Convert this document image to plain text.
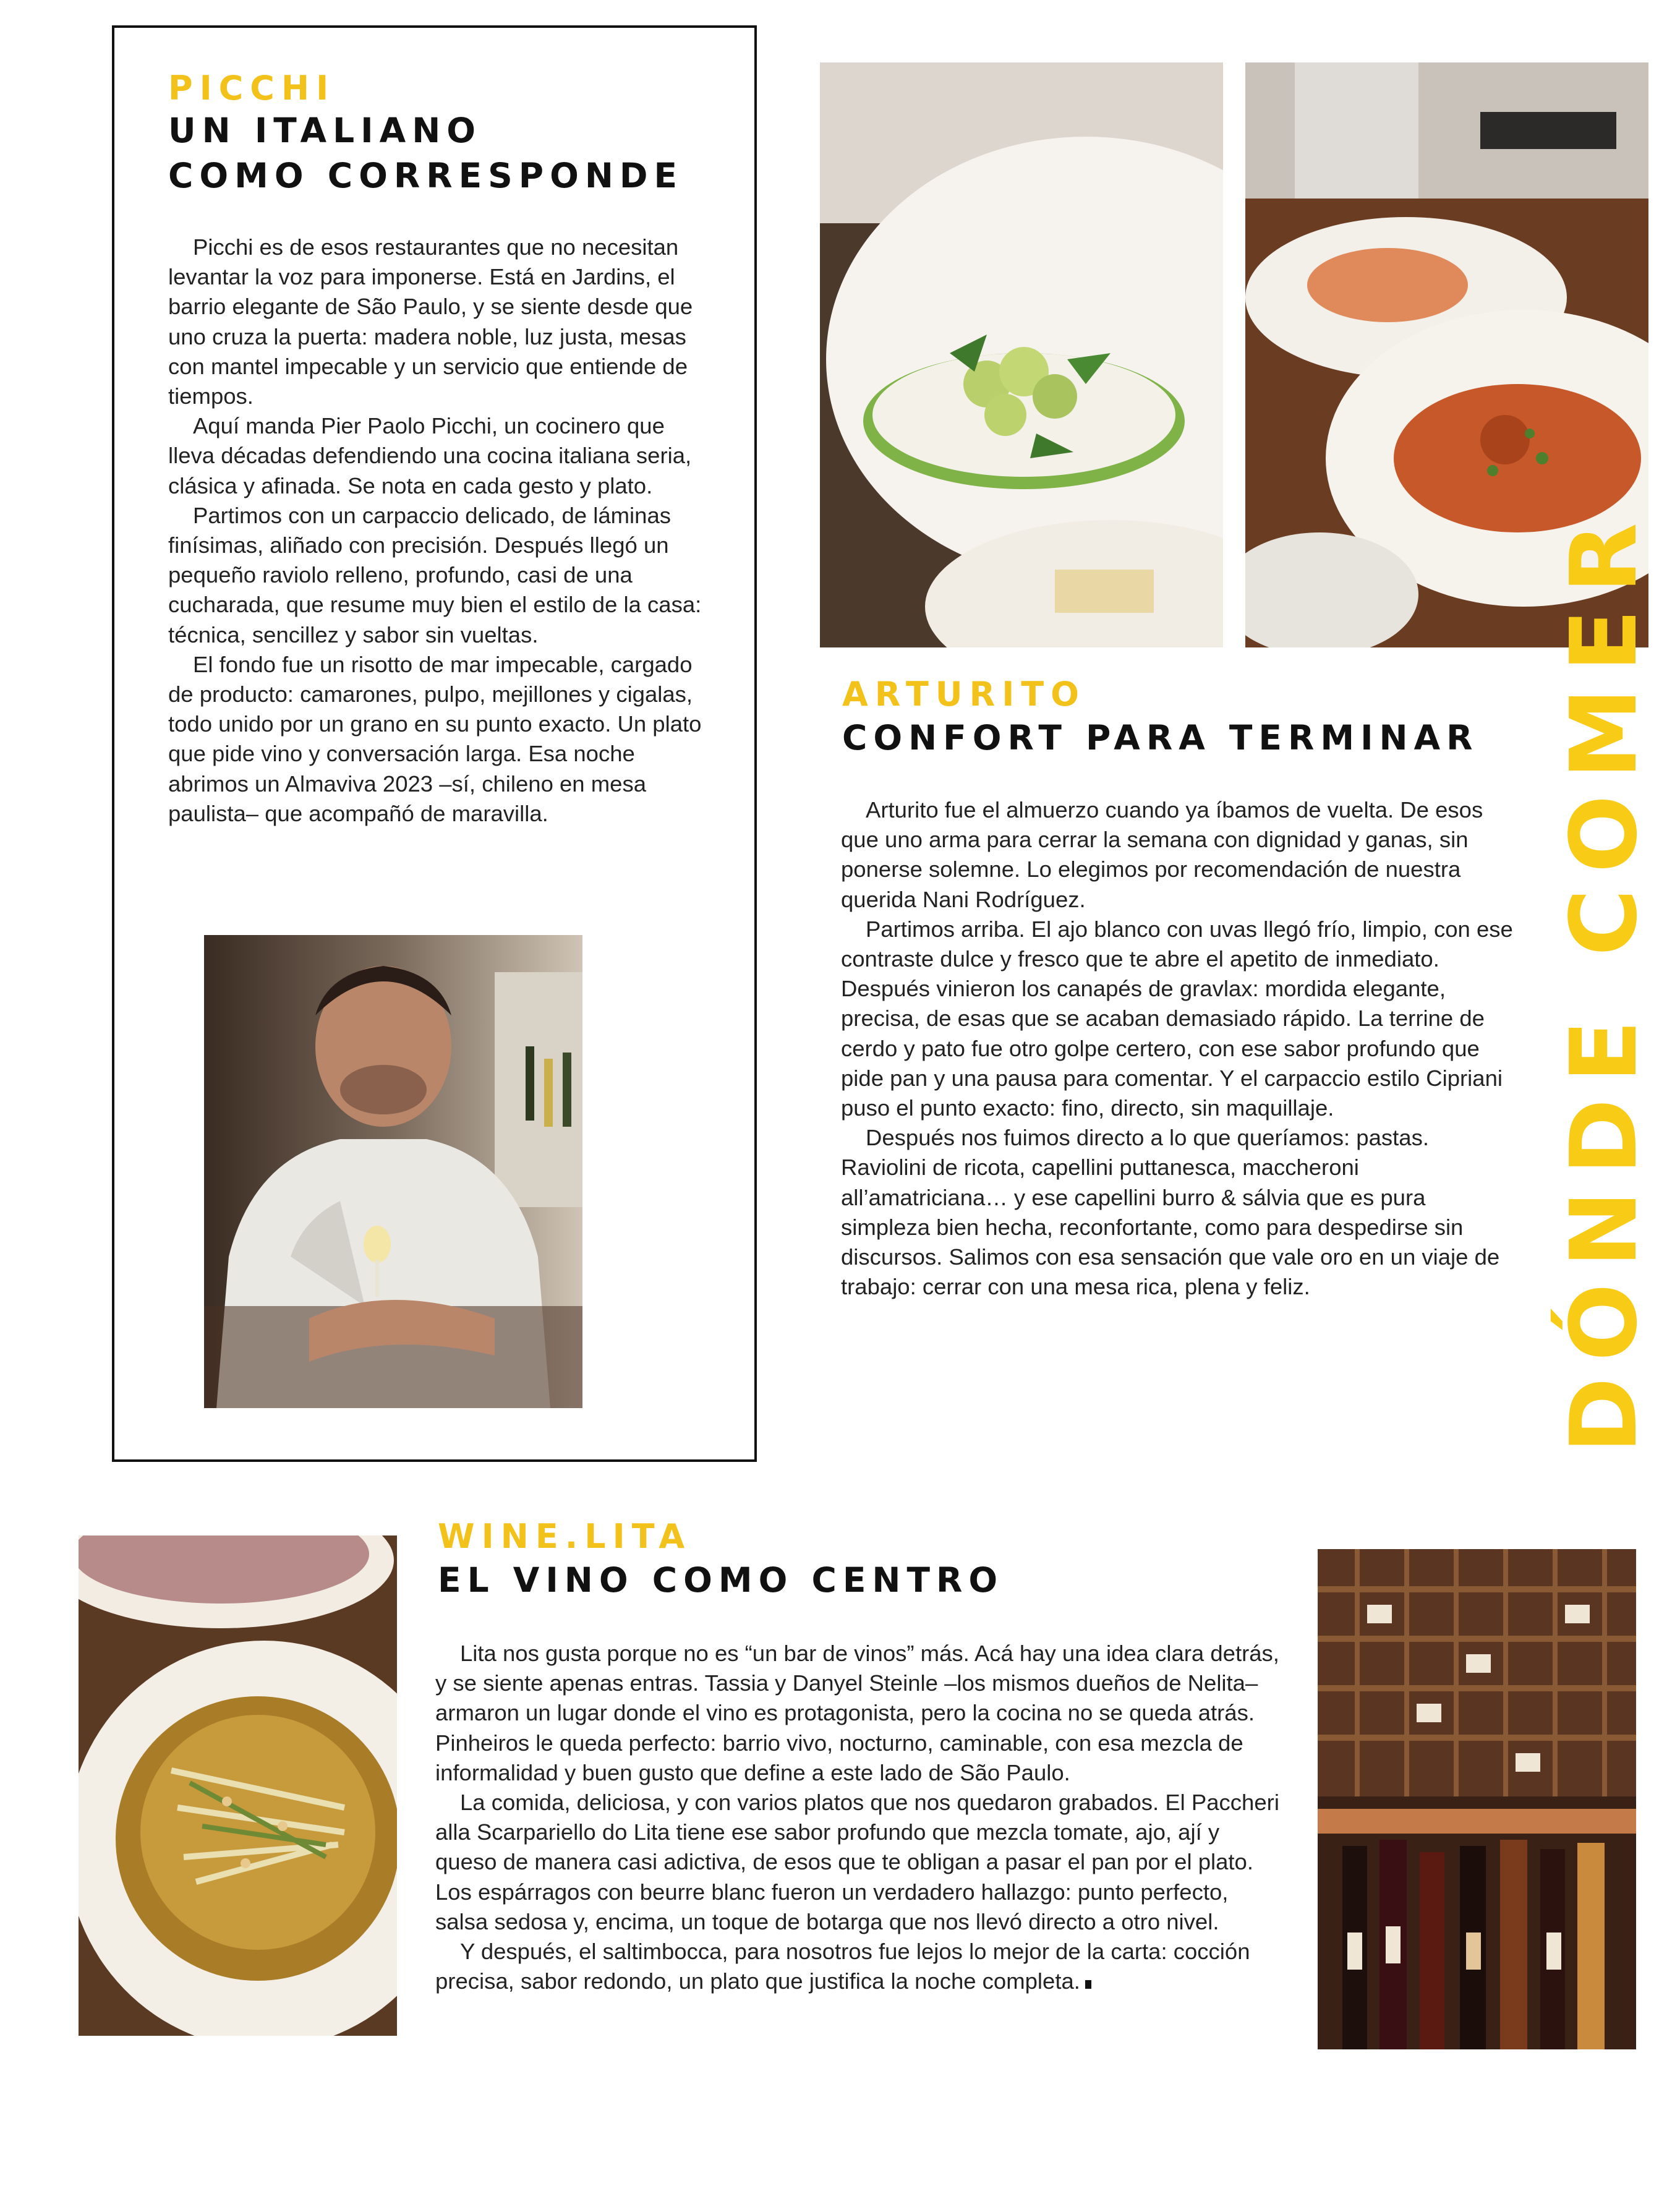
PICCHI
UN ITALIANO
COMO CORRESPONDE

Picchi es de esos restaurantes que no necesitan levantar la voz para imponerse. Está en Jardins, el barrio elegante de São Paulo, y se siente desde que uno cruza la puerta: madera noble, luz justa, mesas con mantel impecable y un servicio que entiende de tiempos.

Aquí manda Pier Paolo Picchi, un cocinero que lleva décadas defendiendo una cocina italiana seria, clásica y afinada. Se nota en cada gesto y plato.

Partimos con un carpaccio delicado, de láminas finísimas, aliñado con precisión. Después llegó un pequeño raviolo relleno, profundo, casi de una cucharada, que resume muy bien el estilo de la casa: técnica, sencillez y sabor sin vueltas.

El fondo fue un risotto de mar impecable, cargado de producto: camarones, pulpo, mejillones y cigalas, todo unido por un grano en su punto exacto. Un plato que pide vino y conversación larga. Esa noche abrimos un Almaviva 2023 –sí, chileno en mesa paulista– que acompañó de maravilla.

ARTURITO
CONFORT PARA TERMINAR

Arturito fue el almuerzo cuando ya íbamos de vuelta. De esos que uno arma para cerrar la semana con dignidad y ganas, sin ponerse solemne. Lo elegimos por recomendación de nuestra querida Nani Rodríguez.

Partimos arriba. El ajo blanco con uvas llegó frío, limpio, con ese contraste dulce y fresco que te abre el apetito de inmediato. Después vinieron los canapés de gravlax: mordida elegante, precisa, de esas que se acaban demasiado rápido. La terrine de cerdo y pato fue otro golpe certero, con ese sabor profundo que pide pan y una pausa para comentar. Y el carpaccio estilo Cipriani puso el punto exacto: fino, directo, sin maquillaje.

Después nos fuimos directo a lo que queríamos: pastas. Raviolini de ricota, capellini puttanesca, maccheroni all’amatriciana… y ese capellini burro & sálvia que es pura simpleza bien hecha, reconfortante, como para despedirse sin discursos. Salimos con esa sensación que vale oro en un viaje de trabajo: cerrar con una mesa rica, plena y feliz.	DÓNDE COMER
WINE.LITA
EL VINO COMO CENTRO

Lita nos gusta porque no es “un bar de vinos” más. Acá hay una idea clara detrás, y se siente apenas entras. Tassia y Danyel Steinle –los mismos dueños de Nelita– armaron un lugar donde el vino es protagonista, pero la cocina no se queda atrás. Pinheiros le queda perfecto: barrio vivo, nocturno, caminable, con esa mezcla de informalidad y buen gusto que define a este lado de São Paulo.

La comida, deliciosa, y con varios platos que nos quedaron grabados. El Paccheri alla Scarpariello do Lita tiene ese sabor profundo que mezcla tomate, ajo, ají y queso de manera casi adictiva, de esos que te obligan a pasar el pan por el plato. Los espárragos con beurre blanc fueron un verdadero hallazgo: punto perfecto, salsa sedosa y, encima, un toque de botarga que nos llevó directo a otro nivel.

Y después, el saltimbocca, para nosotros fue lejos lo mejor de la carta: cocción precisa, sabor redondo, un plato que justifica la noche completa.
